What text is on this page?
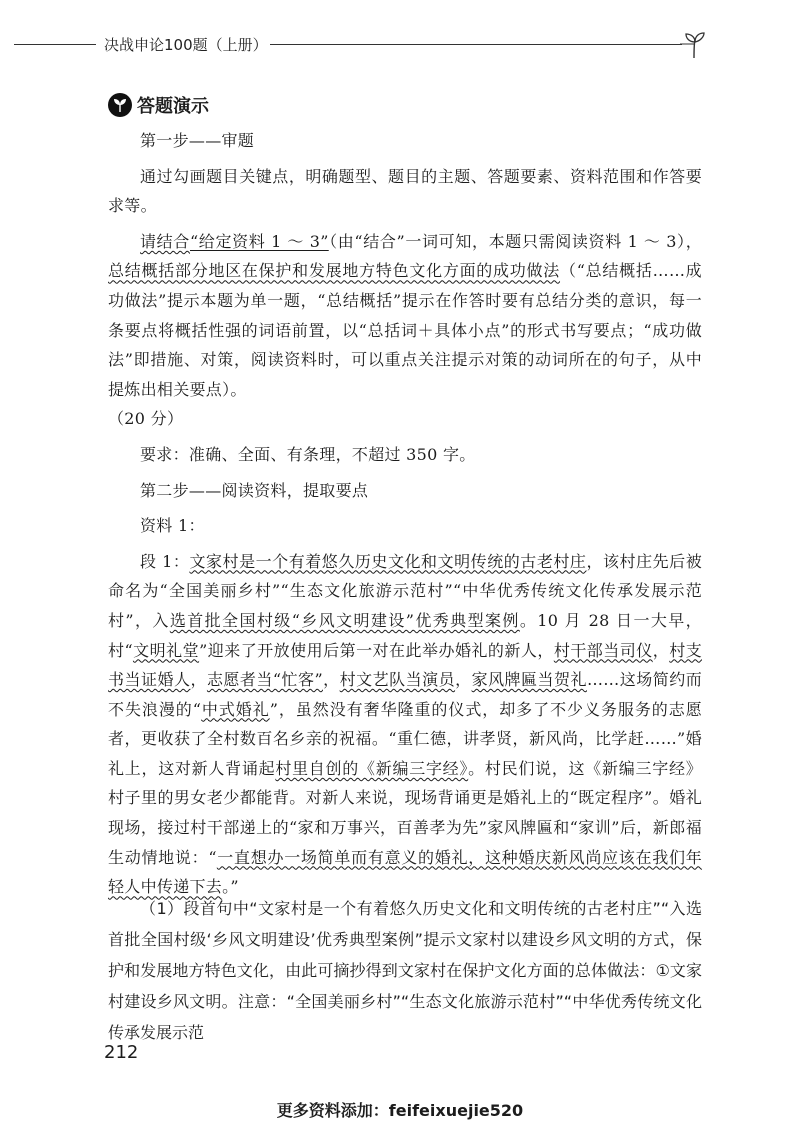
决战申论100题（上册）
答题演示

第一步——审题

通过勾画题目关键点，明确题型、题目的主题、答题要素、资料范围和作答要求等。

请结合“给定资料 1 ～ 3”（由“结合”一词可知，本题只需阅读资料 1 ～ 3），总结概括部分地区在保护和发展地方特色文化方面的成功做法（“总结概括……成功做法”提示本题为单一题，“总结概括”提示在作答时要有总结分类的意识，每一条要点将概括性强的词语前置，以“总括词＋具体小点”的形式书写要点；“成功做法”即措施、对策，阅读资料时，可以重点关注提示对策的动词所在的句子，从中提炼出相关要点）。
（20 分）

要求：准确、全面、有条理，不超过 350 字。

第二步——阅读资料，提取要点

资料 1：

段 1：文家村是一个有着悠久历史文化和文明传统的古老村庄，该村庄先后被命名为“全国美丽乡村”“生态文化旅游示范村”“中华优秀传统文化传承发展示范村”，入选首批全国村级“乡风文明建设”优秀典型案例。10 月 28 日一大早，村“文明礼堂”迎来了开放使用后第一对在此举办婚礼的新人，村干部当司仪，村支书当证婚人，志愿者当“忙客”，村文艺队当演员，家风牌匾当贺礼……这场简约而不失浪漫的“中式婚礼”，虽然没有奢华隆重的仪式，却多了不少义务服务的志愿者，更收获了全村数百名乡亲的祝福。“重仁德，讲孝贤，新风尚，比学赶……”婚礼上，这对新人背诵起村里自创的《新编三字经》。村民们说，这《新编三字经》村子里的男女老少都能背。对新人来说，现场背诵更是婚礼上的“既定程序”。婚礼现场，接过村干部递上的“家和万事兴，百善孝为先”家风牌匾和“家训”后，新郎福生动情地说：“一直想办一场简单而有意义的婚礼，这种婚庆新风尚应该在我们年轻人中传递下去。”

（1）段首句中“文家村是一个有着悠久历史文化和文明传统的古老村庄”“入选首批全国村级‘乡风文明建设’优秀典型案例”提示文家村以建设乡风文明的方式，保护和发展地方特色文化，由此可摘抄得到文家村在保护文化方面的总体做法：①文家村建设乡风文明。注意：“全国美丽乡村”“生态文化旅游示范村”“中华优秀传统文化传承发展示范

212
更多资料添加：feifeixuejie520
